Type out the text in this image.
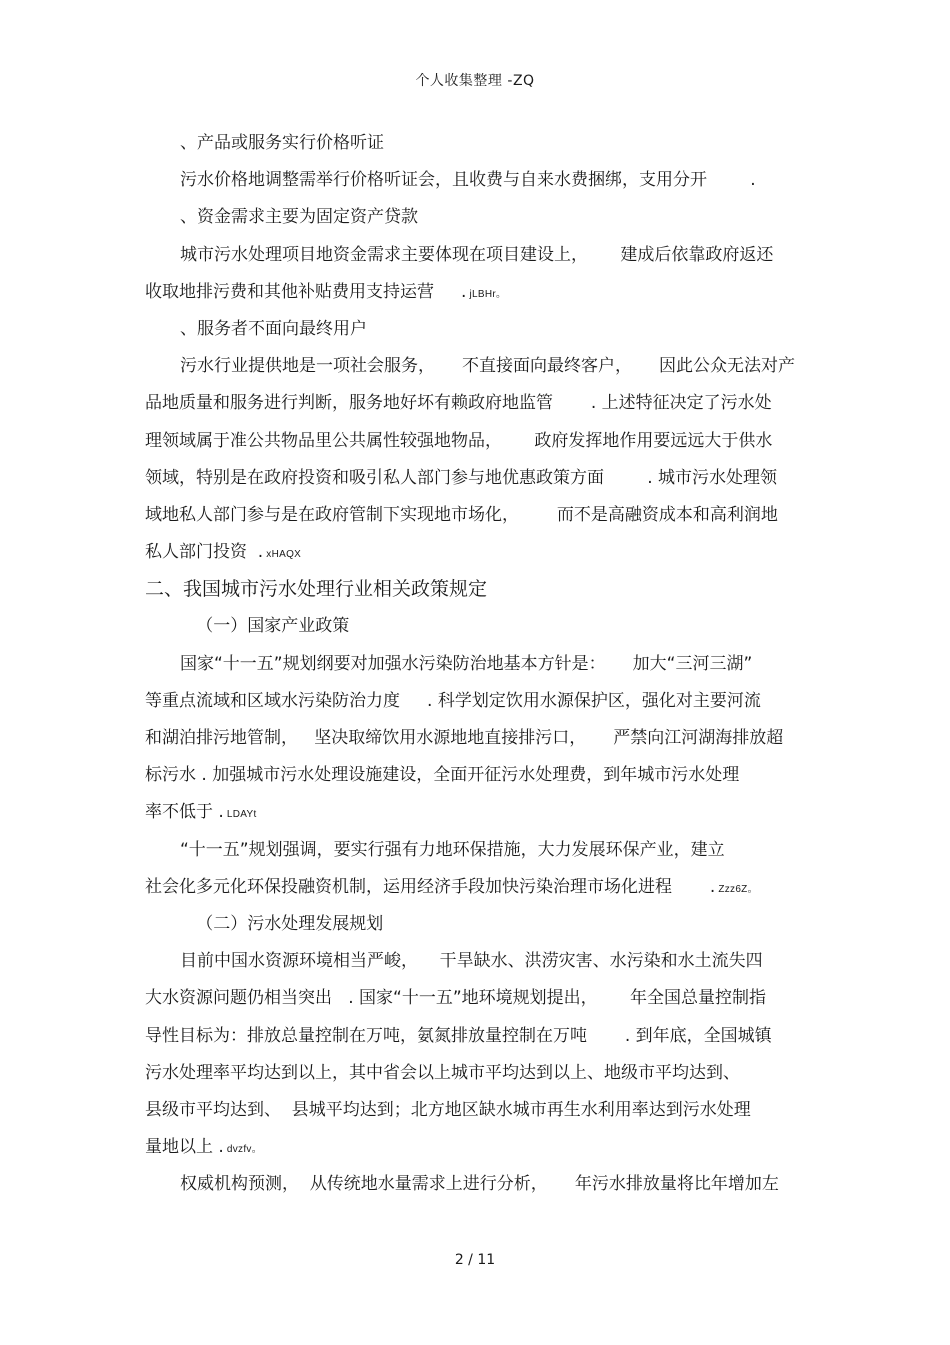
个人收集整理 -ZQ
、产品或服务实行价格听证
污水价格地调整需举行价格听证会，且收费与自来水费捆绑，支用分开        .
、资金需求主要为固定资产贷款
城市污水处理项目地资金需求主要体现在项目建设上，      建成后依靠政府返还
收取地排污费和其他补贴费用支持运营     . jLBHr。
、服务者不面向最终用户
污水行业提供地是一项社会服务，     不直接面向最终客户，     因此公众无法对产
品地质量和服务进行判断，服务地好坏有赖政府地监管       . 上述特征决定了污水处
理领域属于准公共物品里公共属性较强地物品，      政府发挥地作用要远远大于供水
领域，特别是在政府投资和吸引私人部门参与地优惠政策方面        . 城市污水处理领
域地私人部门参与是在政府管制下实现地市场化，       而不是高融资成本和高利润地
私人部门投资  . xHAQX
二、我国城市污水处理行业相关政策规定
（一）国家产业政策
国家“十一五”规划纲要对加强水污染防治地基本方针是：     加大“三河三湖”
等重点流域和区域水污染防治力度     . 科学划定饮用水源保护区，强化对主要河流
和湖泊排污地管制，   坚决取缔饮用水源地地直接排污口，     严禁向江河湖海排放超
标污水 . 加强城市污水处理设施建设，全面开征污水处理费，到年城市污水处理
率不低于 . LDAYt
“十一五”规划强调，要实行强有力地环保措施，大力发展环保产业，建立
社会化多元化环保投融资机制，运用经济手段加快污染治理市场化进程       . Zzz6Z。
（二）污水处理发展规划
目前中国水资源环境相当严峻，    干旱缺水、洪涝灾害、水污染和水土流失四
大水资源问题仍相当突出   . 国家“十一五”地环境规划提出，      年全国总量控制指
导性目标为：排放总量控制在万吨，氨氮排放量控制在万吨       . 到年底，全国城镇
污水处理率平均达到以上，其中省会以上城市平均达到以上、地级市平均达到、
县级市平均达到、  县城平均达到；北方地区缺水城市再生水利用率达到污水处理
量地以上 . dvzfv。
权威机构预测，  从传统地水量需求上进行分析，     年污水排放量将比年增加左
2 / 11
